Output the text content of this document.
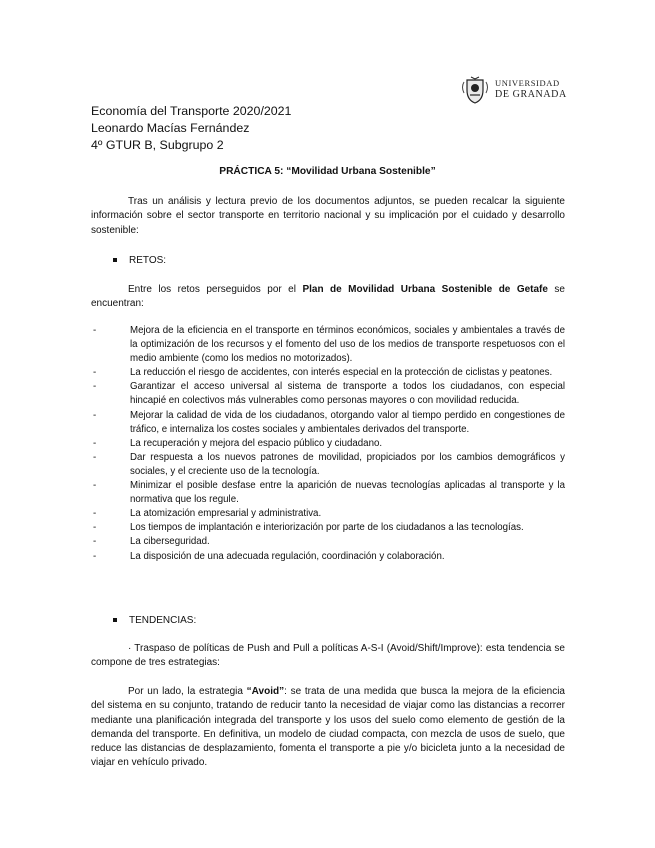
UNIVERSIDAD
DE GRANADA
Economía del Transporte 2020/2021
Leonardo Macías Fernández
4º GTUR B, Subgrupo 2
PRÁCTICA 5: “Movilidad Urbana Sostenible”

Tras un análisis y lectura previo de los documentos adjuntos, se pueden recalcar la siguiente información sobre el sector transporte en territorio nacional y su implicación por el cuidado y desarrollo sostenible:

RETOS:

Entre los retos perseguidos por el Plan de Movilidad Urbana Sostenible de Getafe se encuentran:

- Mejora de la eficiencia en el transporte en términos económicos, sociales y ambientales a través de la optimización de los recursos y el fomento del uso de los medios de transporte respetuosos con el medio ambiente (como los medios no motorizados).
- La reducción el riesgo de accidentes, con interés especial en la protección de ciclistas y peatones.
- Garantizar el acceso universal al sistema de transporte a todos los ciudadanos, con especial hincapié en colectivos más vulnerables como personas mayores o con movilidad reducida.
- Mejorar la calidad de vida de los ciudadanos, otorgando valor al tiempo perdido en congestiones de tráfico, e internaliza los costes sociales y ambientales derivados del transporte.
- La recuperación y mejora del espacio público y ciudadano.
- Dar respuesta a los nuevos patrones de movilidad, propiciados por los cambios demográficos y sociales, y el creciente uso de la tecnología.
- Minimizar el posible desfase entre la aparición de nuevas tecnologías aplicadas al transporte y la normativa que los regule.
- La atomización empresarial y administrativa.
- Los tiempos de implantación e interiorización por parte de los ciudadanos a las tecnologías.
- La ciberseguridad.
- La disposición de una adecuada regulación, coordinación y colaboración.
TENDENCIAS:

· Traspaso de políticas de Push and Pull a políticas A-S-I (Avoid/Shift/Improve): esta tendencia se compone de tres estrategias:

Por un lado, la estrategia “Avoid”: se trata de una medida que busca la mejora de la eficiencia del sistema en su conjunto, tratando de reducir tanto la necesidad de viajar como las distancias a recorrer mediante una planificación integrada del transporte y los usos del suelo como elemento de gestión de la demanda del transporte. En definitiva, un modelo de ciudad compacta, con mezcla de usos de suelo, que reduce las distancias de desplazamiento, fomenta el transporte a pie y/o bicicleta junto a la necesidad de viajar en vehículo privado.
